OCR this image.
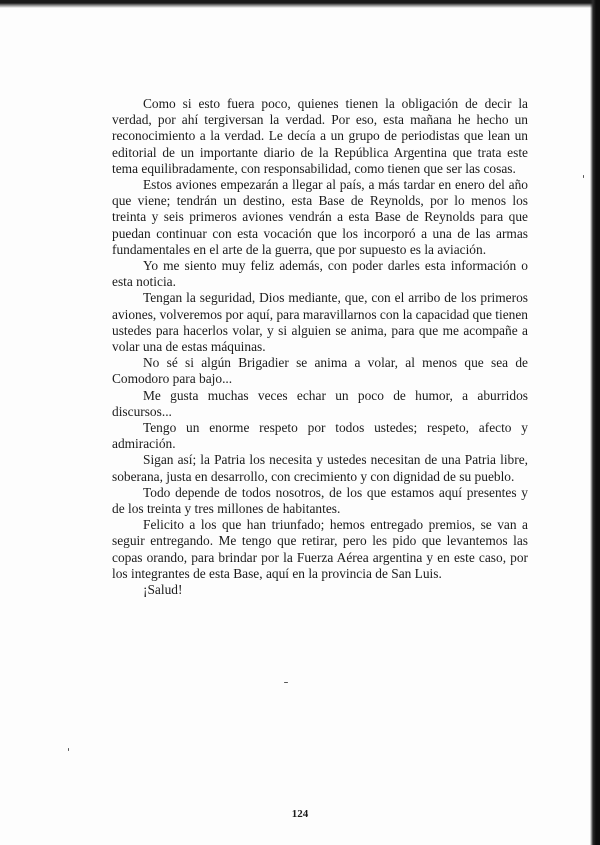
Como si esto fuera poco, quienes tienen la obligación de decir la verdad, por ahí tergiversan la verdad. Por eso, esta mañana he hecho un reconocimiento a la verdad. Le decía a un grupo de periodistas que lean un editorial de un importante diario de la República Argentina que trata este tema equilibradamente, con responsabilidad, como tienen que ser las cosas.

Estos aviones empezarán a llegar al país, a más tardar en enero del año que viene; tendrán un destino, esta Base de Reynolds, por lo menos los treinta y seis primeros aviones vendrán a esta Base de Reynolds para que puedan continuar con esta vocación que los incorporó a una de las armas fundamentales en el arte de la guerra, que por supuesto es la aviación.

Yo me siento muy feliz además, con poder darles esta información o esta noticia.

Tengan la seguridad, Dios mediante, que, con el arribo de los primeros aviones, volveremos por aquí, para maravillarnos con la capacidad que tienen ustedes para hacerlos volar, y si alguien se anima, para que me acompañe a volar una de estas máquinas.

No sé si algún Brigadier se anima a volar, al menos que sea de Comodoro para bajo...

Me gusta muchas veces echar un poco de humor, a aburridos discursos...

Tengo un enorme respeto por todos ustedes; respeto, afecto y admiración.

Sigan así; la Patria los necesita y ustedes necesitan de una Patria libre, soberana, justa en desarrollo, con crecimiento y con dignidad de su pueblo.

Todo depende de todos nosotros, de los que estamos aquí presentes y de los treinta y tres millones de habitantes.

Felicito a los que han triunfado; hemos entregado premios, se van a seguir entregando. Me tengo que retirar, pero les pido que levantemos las copas orando, para brindar por la Fuerza Aérea argentina y en este caso, por los integrantes de esta Base, aquí en la provincia de San Luis.

¡Salud!

124
